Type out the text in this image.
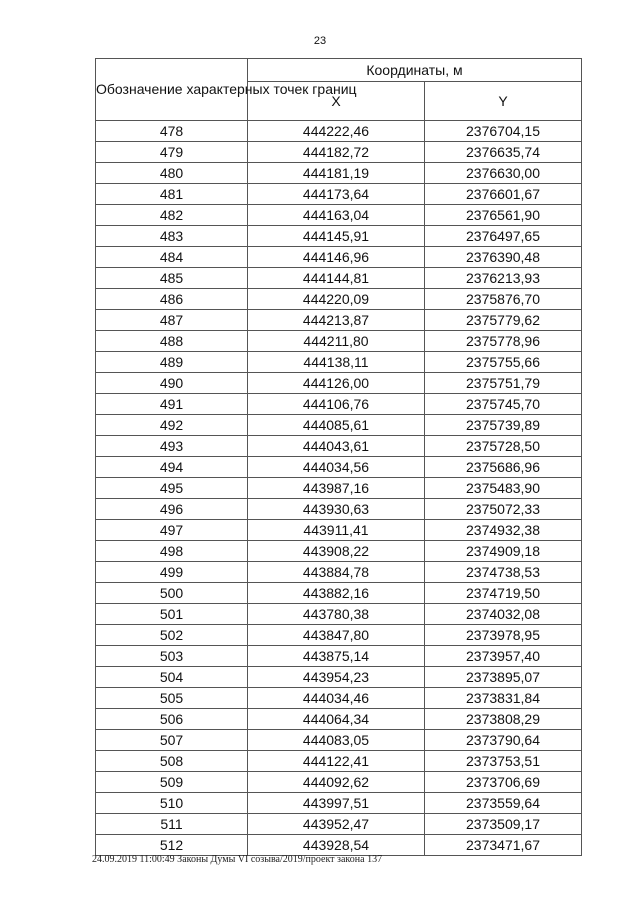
23
Обозначение характерных точек границ	Координаты, м	
	X	Y
478	444222,46	2376704,15
479	444182,72	2376635,74
480	444181,19	2376630,00
481	444173,64	2376601,67
482	444163,04	2376561,90
483	444145,91	2376497,65
484	444146,96	2376390,48
485	444144,81	2376213,93
486	444220,09	2375876,70
487	444213,87	2375779,62
488	444211,80	2375778,96
489	444138,11	2375755,66
490	444126,00	2375751,79
491	444106,76	2375745,70
492	444085,61	2375739,89
493	444043,61	2375728,50
494	444034,56	2375686,96
495	443987,16	2375483,90
496	443930,63	2375072,33
497	443911,41	2374932,38
498	443908,22	2374909,18
499	443884,78	2374738,53
500	443882,16	2374719,50
501	443780,38	2374032,08
502	443847,80	2373978,95
503	443875,14	2373957,40
504	443954,23	2373895,07
505	444034,46	2373831,84
506	444064,34	2373808,29
507	444083,05	2373790,64
508	444122,41	2373753,51
509	444092,62	2373706,69
510	443997,51	2373559,64
511	443952,47	2373509,17
512	443928,54	2373471,67
24.09.2019 11:00:49 Законы Думы VI созыва/2019/проект закона 137
